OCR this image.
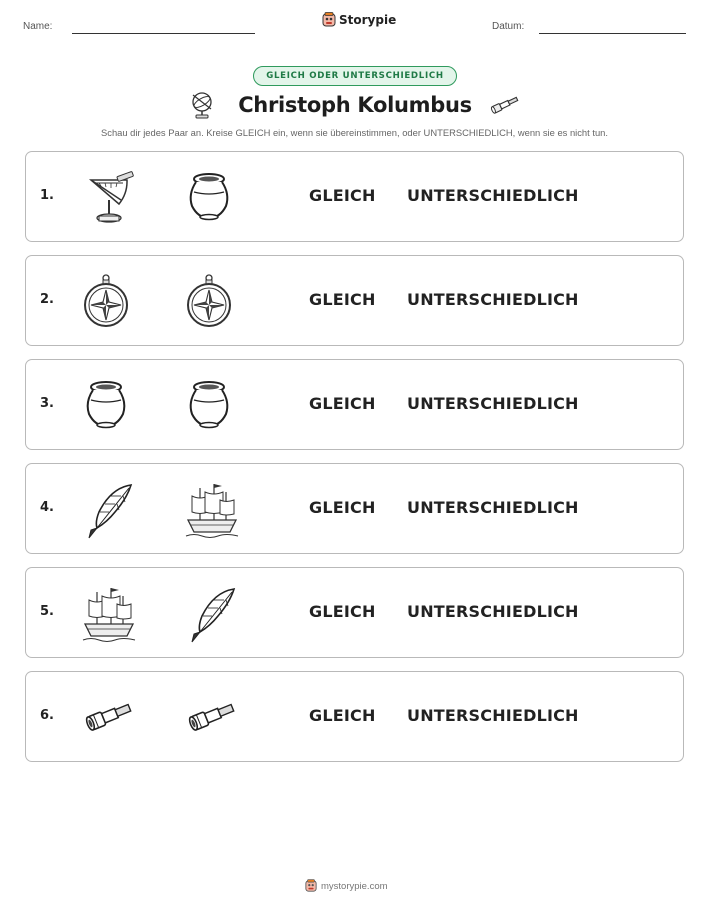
Name:	Storypie	Datum:
GLEICH ODER UNTERSCHIEDLICH
Christoph Kolumbus
Schau dir jedes Paar an. Kreise GLEICH ein, wenn sie übereinstimmen, oder UNTERSCHIEDLICH, wenn sie es nicht tun.
1.	GLEICH UNTERSCHIEDLICH
2.	GLEICH UNTERSCHIEDLICH
3.	GLEICH UNTERSCHIEDLICH
4.	GLEICH UNTERSCHIEDLICH
5.	GLEICH UNTERSCHIEDLICH
6.	GLEICH UNTERSCHIEDLICH
mystorypie.com
